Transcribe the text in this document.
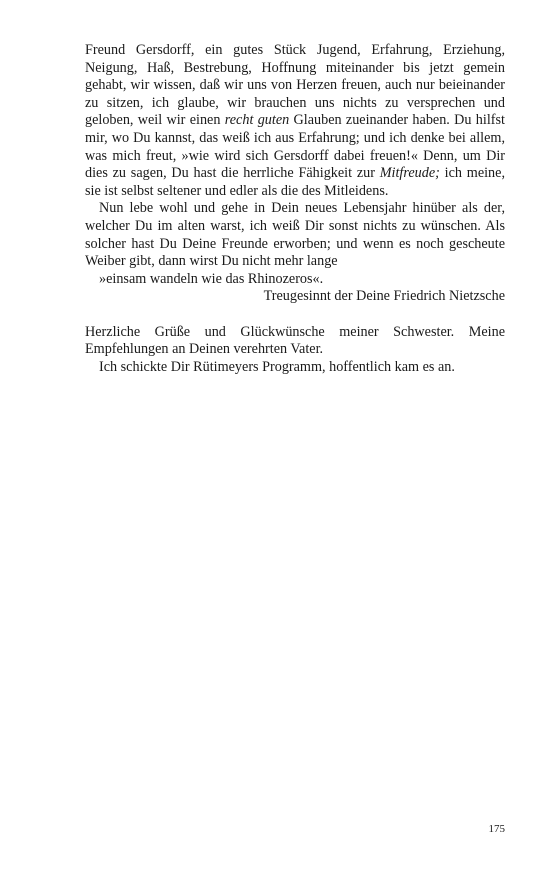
Freund Gersdorff, ein gutes Stück Jugend, Erfahrung, Erziehung, Neigung, Haß, Bestrebung, Hoffnung miteinander bis jetzt gemein gehabt, wir wissen, daß wir uns von Herzen freuen, auch nur beieinander zu sitzen, ich glaube, wir brauchen uns nichts zu versprechen und geloben, weil wir einen recht guten Glauben zueinander haben. Du hilfst mir, wo Du kannst, das weiß ich aus Erfahrung; und ich denke bei allem, was mich freut, »wie wird sich Gersdorff dabei freuen!« Denn, um Dir dies zu sagen, Du hast die herrliche Fähigkeit zur Mitfreude; ich meine, sie ist selbst seltener und edler als die des Mitleidens.

Nun lebe wohl und gehe in Dein neues Lebensjahr hinüber als der, welcher Du im alten warst, ich weiß Dir sonst nichts zu wünschen. Als solcher hast Du Deine Freunde erworben; und wenn es noch gescheute Weiber gibt, dann wirst Du nicht mehr lange

»einsam wandeln wie das Rhinozeros«.

Treugesinnt der Deine Friedrich Nietzsche

Herzliche Grüße und Glückwünsche meiner Schwester. Meine Empfehlungen an Deinen verehrten Vater.

Ich schickte Dir Rütimeyers Programm, hoffentlich kam es an.

175
